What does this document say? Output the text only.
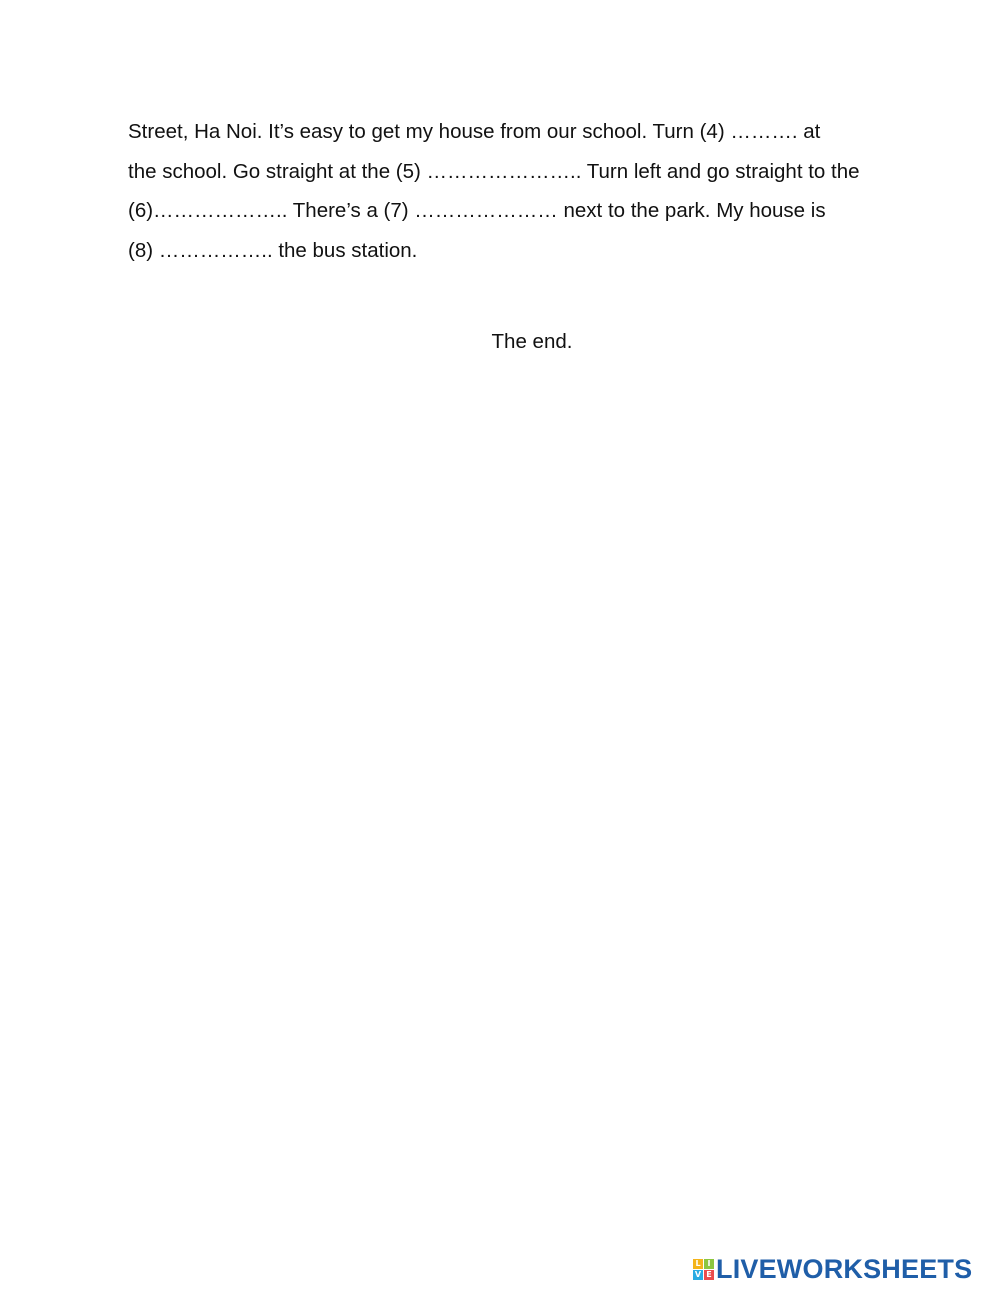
Street, Ha Noi. It’s easy to get my house from our school. Turn (4) ………. at
the school. Go straight at the (5) ………………….. Turn left and go straight to the
(6)……………….. There’s a (7) ………………… next to the park. My house is
(8) …………….. the bus station.

The end.
L I
V E LIVEWORKSHEETS
